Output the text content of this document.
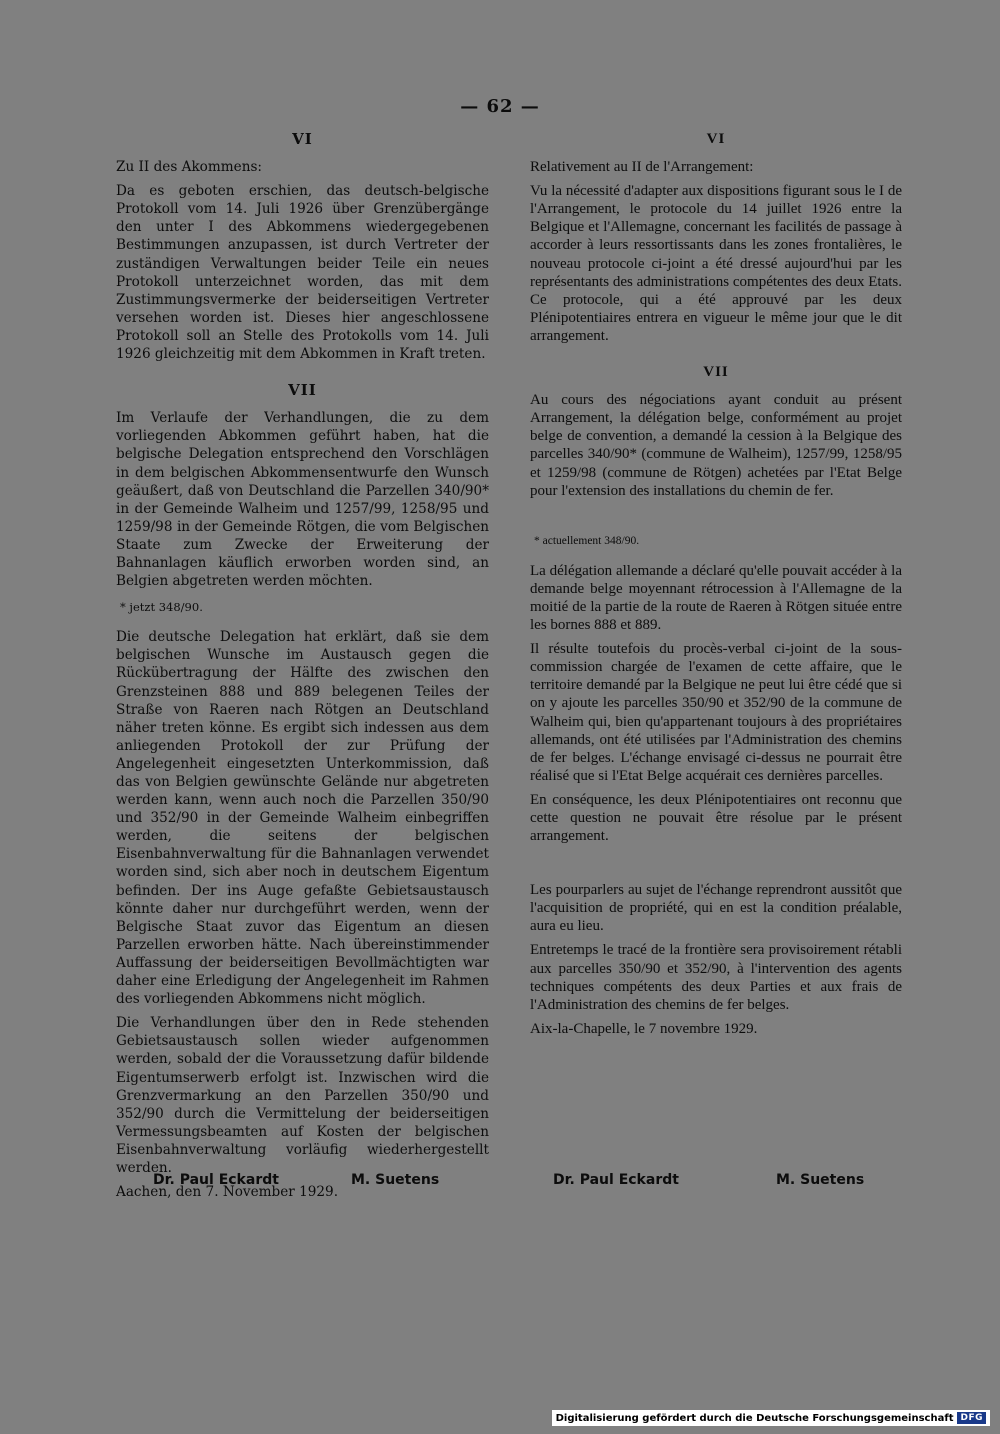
— 62 —
VI

Zu II des Akommens:

Da es geboten erschien, das deutsch-belgische Protokoll vom 14. Juli 1926 über Grenzübergänge den unter I des Abkommens wiedergegebenen Bestimmungen anzupassen, ist durch Vertreter der zuständigen Verwaltungen beider Teile ein neues Protokoll unterzeichnet worden, das mit dem Zustimmungsvermerke der beiderseitigen Vertreter versehen worden ist. Dieses hier angeschlossene Protokoll soll an Stelle des Protokolls vom 14. Juli 1926 gleichzeitig mit dem Abkommen in Kraft treten.

VII

Im Verlaufe der Verhandlungen, die zu dem vorliegenden Abkommen geführt haben, hat die belgische Delegation entsprechend den Vorschlägen in dem belgischen Abkommensentwurfe den Wunsch geäußert, daß von Deutschland die Parzellen 340/90* in der Gemeinde Walheim und 1257/99, 1258/95 und 1259/98 in der Gemeinde Rötgen, die vom Belgischen Staate zum Zwecke der Erweiterung der Bahnanlagen käuflich erworben worden sind, an Belgien abgetreten werden möchten.

* jetzt 348/90.

Die deutsche Delegation hat erklärt, daß sie dem belgischen Wunsche im Austausch gegen die Rückübertragung der Hälfte des zwischen den Grenzsteinen 888 und 889 belegenen Teiles der Straße von Raeren nach Rötgen an Deutschland näher treten könne. Es ergibt sich indessen aus dem anliegenden Protokoll der zur Prüfung der Angelegenheit eingesetzten Unterkommission, daß das von Belgien gewünschte Gelände nur abgetreten werden kann, wenn auch noch die Parzellen 350/90 und 352/90 in der Gemeinde Walheim einbegriffen werden, die seitens der belgischen Eisenbahnverwaltung für die Bahnanlagen verwendet worden sind, sich aber noch in deutschem Eigentum befinden. Der ins Auge gefaßte Gebietsaustausch könnte daher nur durchgeführt werden, wenn der Belgische Staat zuvor das Eigentum an diesen Parzellen erworben hätte. Nach übereinstimmender Auffassung der beiderseitigen Bevollmächtigten war daher eine Erledigung der Angelegenheit im Rahmen des vorliegenden Abkommens nicht möglich.

Die Verhandlungen über den in Rede stehenden Gebietsaustausch sollen wieder aufgenommen werden, sobald der die Voraussetzung dafür bildende Eigentumserwerb erfolgt ist. Inzwischen wird die Grenzvermarkung an den Parzellen 350/90 und 352/90 durch die Vermittelung der beiderseitigen Vermessungsbeamten auf Kosten der belgischen Eisenbahnverwaltung vorläufig wiederhergestellt werden.

Aachen, den 7. November 1929.

VI

Relativement au II de l'Arrangement:

Vu la nécessité d'adapter aux dispositions figurant sous le I de l'Arrangement, le protocole du 14 juillet 1926 entre la Belgique et l'Allemagne, concernant les facilités de passage à accorder à leurs ressortissants dans les zones frontalières, le nouveau protocole ci-joint a été dressé aujourd'hui par les représentants des administrations compétentes des deux Etats. Ce protocole, qui a été approuvé par les deux Plénipotentiaires entrera en vigueur le même jour que le dit arrangement.

VII

Au cours des négociations ayant conduit au présent Arrangement, la délégation belge, conformément au projet belge de convention, a demandé la cession à la Belgique des parcelles 340/90* (commune de Walheim), 1257/99, 1258/95 et 1259/98 (commune de Rötgen) achetées par l'Etat Belge pour l'extension des installations du chemin de fer.

* actuellement 348/90.

La délégation allemande a déclaré qu'elle pouvait accéder à la demande belge moyennant rétrocession à l'Allemagne de la moitié de la partie de la route de Raeren à Rötgen située entre les bornes 888 et 889.

Il résulte toutefois du procès-verbal ci-joint de la sous-commission chargée de l'examen de cette affaire, que le territoire demandé par la Belgique ne peut lui être cédé que si on y ajoute les parcelles 350/90 et 352/90 de la commune de Walheim qui, bien qu'appartenant toujours à des propriétaires allemands, ont été utilisées par l'Administration des chemins de fer belges. L'échange envisagé ci-dessus ne pourrait être réalisé que si l'Etat Belge acquérait ces dernières parcelles.

En conséquence, les deux Plénipotentiaires ont reconnu que cette question ne pouvait être résolue par le présent arrangement.

Les pourparlers au sujet de l'échange reprendront aussitôt que l'acquisition de propriété, qui en est la condition préalable, aura eu lieu.

Entretemps le tracé de la frontière sera provisoirement rétabli aux parcelles 350/90 et 352/90, à l'intervention des agents techniques compétents des deux Parties et aux frais de l'Administration des chemins de fer belges.

Aix-la-Chapelle, le 7 novembre 1929.

Dr. Paul Eckardt	M. Suetens	Dr. Paul Eckardt	M. Suetens
Digitalisierung gefördert durch die Deutsche Forschungsgemeinschaft DFG
